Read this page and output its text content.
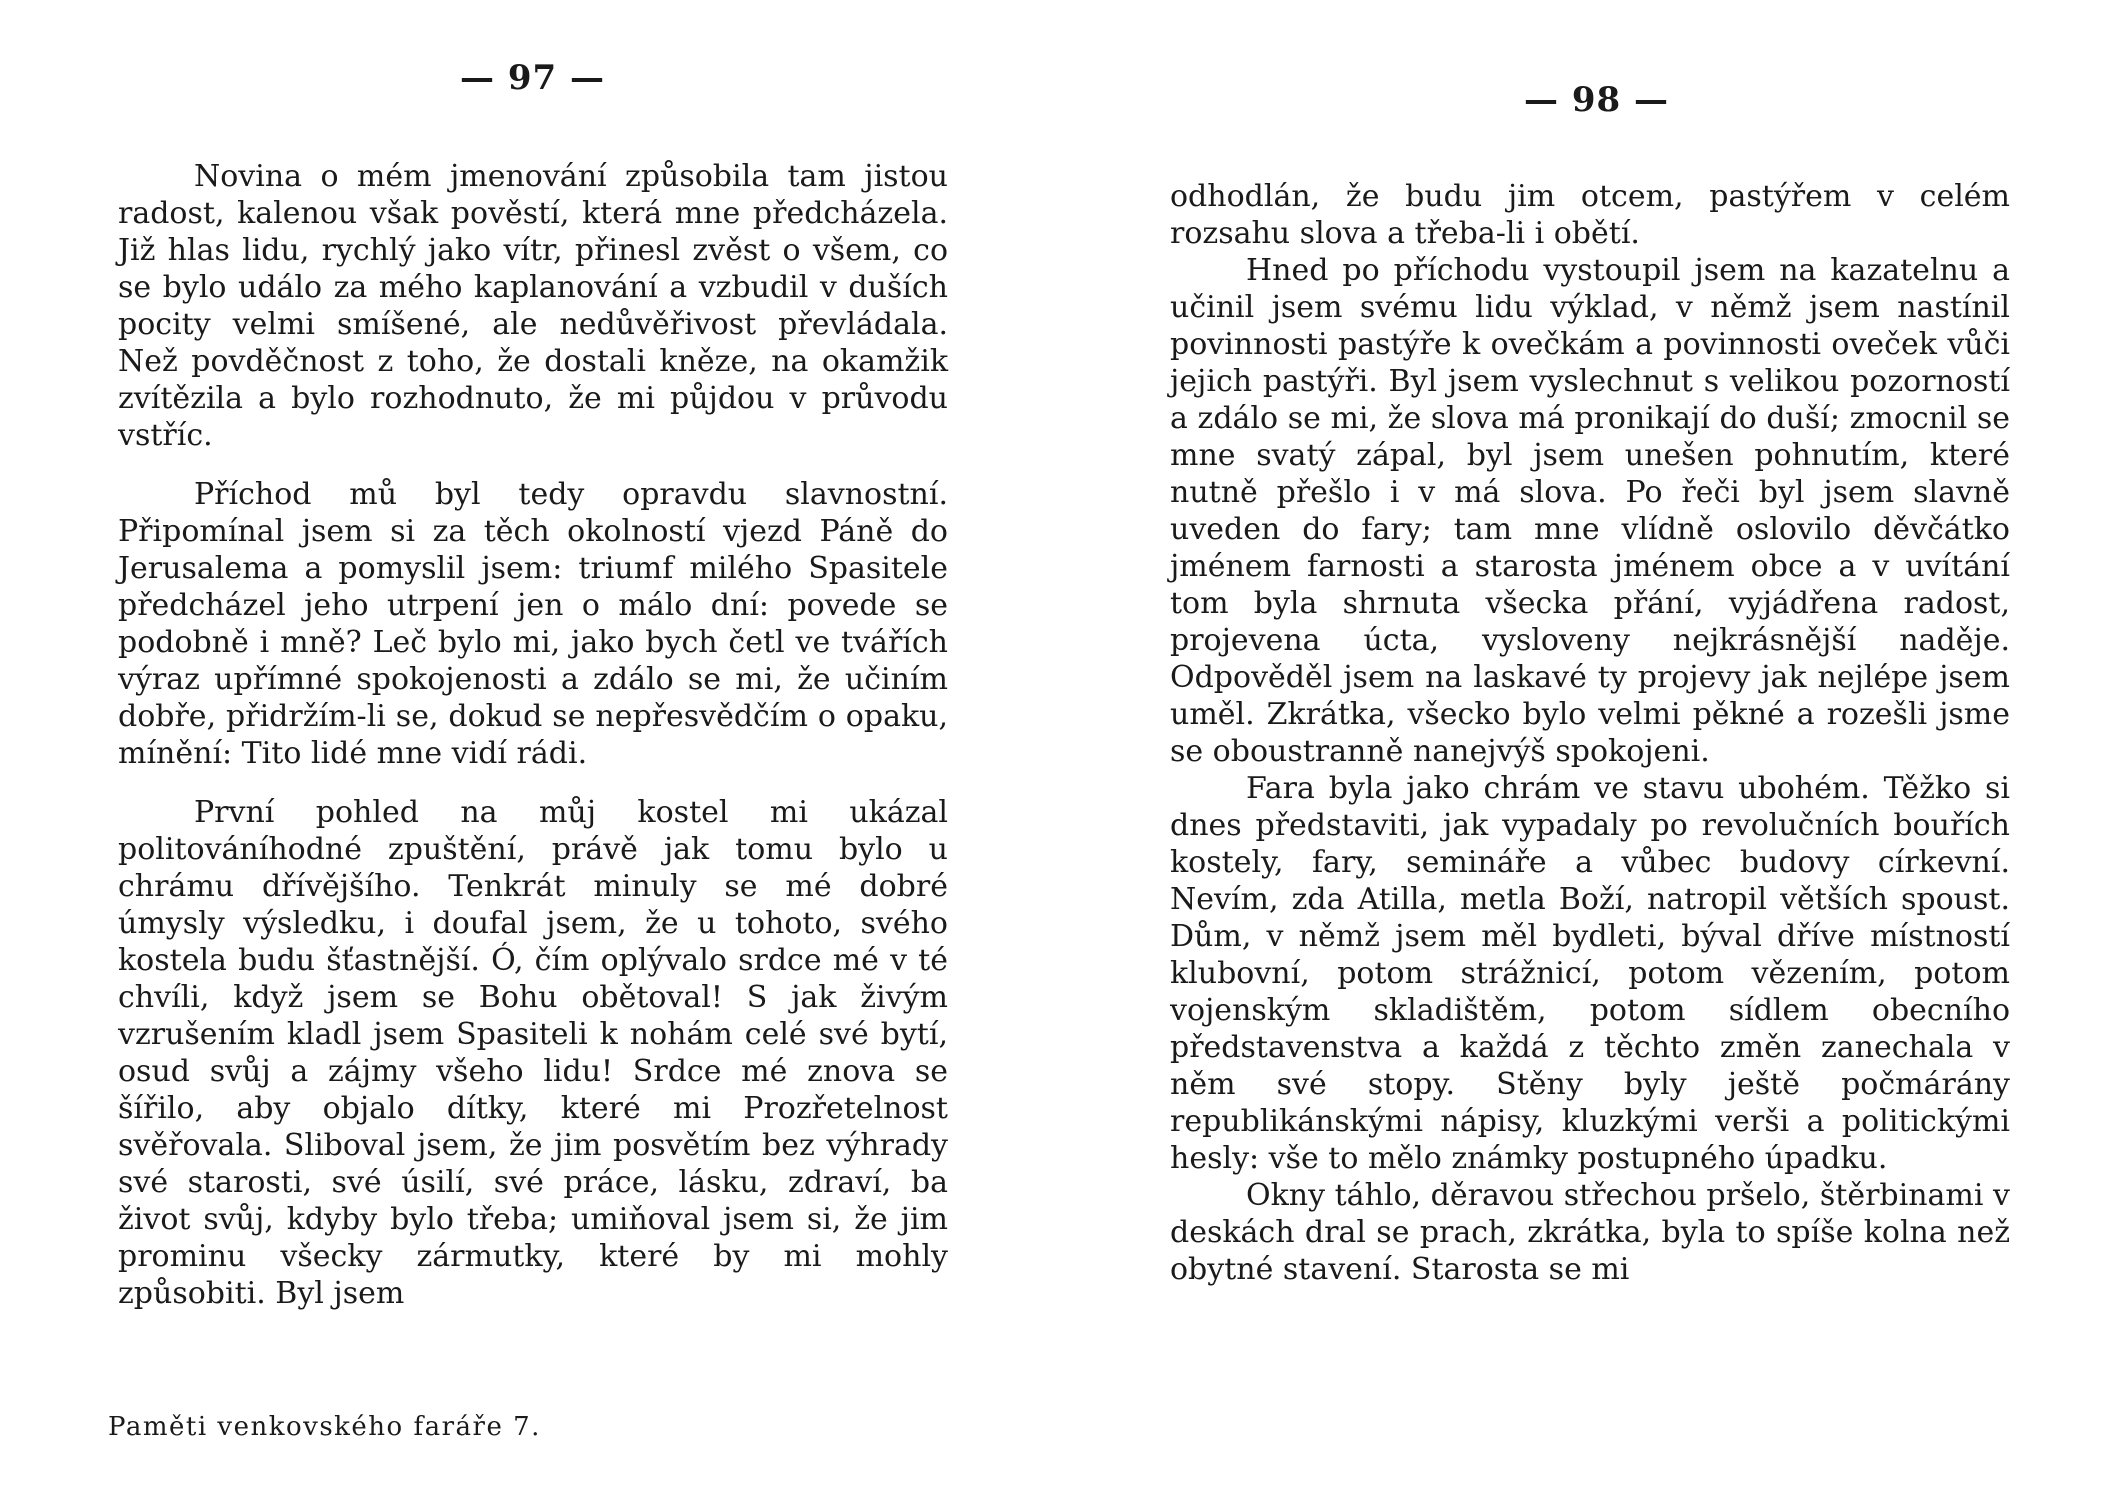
— 97 —

Novina o mém jmenování způsobila tam jistou radost, kalenou však pověstí, která mne předcházela. Již hlas lidu, rychlý jako vítr, přinesl zvěst o všem, co se bylo událo za mého kaplanování a vzbudil v duších pocity velmi smíšené, ale nedůvěřivost převládala. Než povděčnost z toho, že dostali kněze, na okamžik zvítězila a bylo rozhodnuto, že mi půjdou v průvodu vstříc.

Příchod mů byl tedy opravdu slavnostní. Připomínal jsem si za těch okolností vjezd Páně do Jerusalema a pomyslil jsem: triumf milého Spasitele předcházel jeho utrpení jen o málo dní: povede se podobně i mně? Leč bylo mi, jako bych četl ve tvářích výraz upřímné spokojenosti a zdálo se mi, že učiním dobře, přidržím-li se, dokud se nepřesvědčím o opaku, mínění: Tito lidé mne vidí rádi.

První pohled na můj kostel mi ukázal politováníhodné zpuštění, právě jak tomu bylo u chrámu dřívějšího. Tenkrát minuly se mé dobré úmysly výsledku, i doufal jsem, že u tohoto, svého kostela budu šťastnější. Ó, čím oplývalo srdce mé v té chvíli, když jsem se Bohu obětoval! S jak živým vzrušením kladl jsem Spasiteli k nohám celé své bytí, osud svůj a zájmy všeho lidu! Srdce mé znova se šířilo, aby objalo dítky, které mi Prozřetelnost svěřovala. Sliboval jsem, že jim posvětím bez výhrady své starosti, své úsilí, své práce, lásku, zdraví, ba život svůj, kdyby bylo třeba; umiňoval jsem si, že jim prominu všecky zármutky, které by mi mohly způsobiti. Byl jsem

Paměti venkovského faráře 7.
— 98 —

odhodlán, že budu jim otcem, pastýřem v celém rozsahu slova a třeba-li i obětí.

Hned po příchodu vystoupil jsem na kazatelnu a učinil jsem svému lidu výklad, v němž jsem nastínil povinnosti pastýře k ovečkám a povinnosti oveček vůči jejich pastýři. Byl jsem vyslechnut s velikou pozorností a zdálo se mi, že slova má pronikají do duší; zmocnil se mne svatý zápal, byl jsem unešen pohnutím, které nutně přešlo i v má slova. Po řeči byl jsem slavně uveden do fary; tam mne vlídně oslovilo děvčátko jménem farnosti a starosta jménem obce a v uvítání tom byla shrnuta všecka přání, vyjádřena radost, projevena úcta, vysloveny nejkrásnější naděje. Odpověděl jsem na laskavé ty projevy jak nejlépe jsem uměl. Zkrátka, všecko bylo velmi pěkné a rozešli jsme se oboustranně nanejvýš spokojeni.

Fara byla jako chrám ve stavu ubohém. Těžko si dnes představiti, jak vypadaly po revolučních bouřích kostely, fary, semináře a vůbec budovy církevní. Nevím, zda Atilla, metla Boží, natropil větších spoust. Dům, v němž jsem měl bydleti, býval dříve místností klubovní, potom strážnicí, potom vězením, potom vojenským skladištěm, potom sídlem obecního představenstva a každá z těchto změn zanechala v něm své stopy. Stěny byly ještě počmárány republikánskými nápisy, kluzkými verši a politickými hesly: vše to mělo známky postupného úpadku.

Okny táhlo, děravou střechou pršelo, štěrbinami v deskách dral se prach, zkrátka, byla to spíše kolna než obytné stavení. Starosta se mi
